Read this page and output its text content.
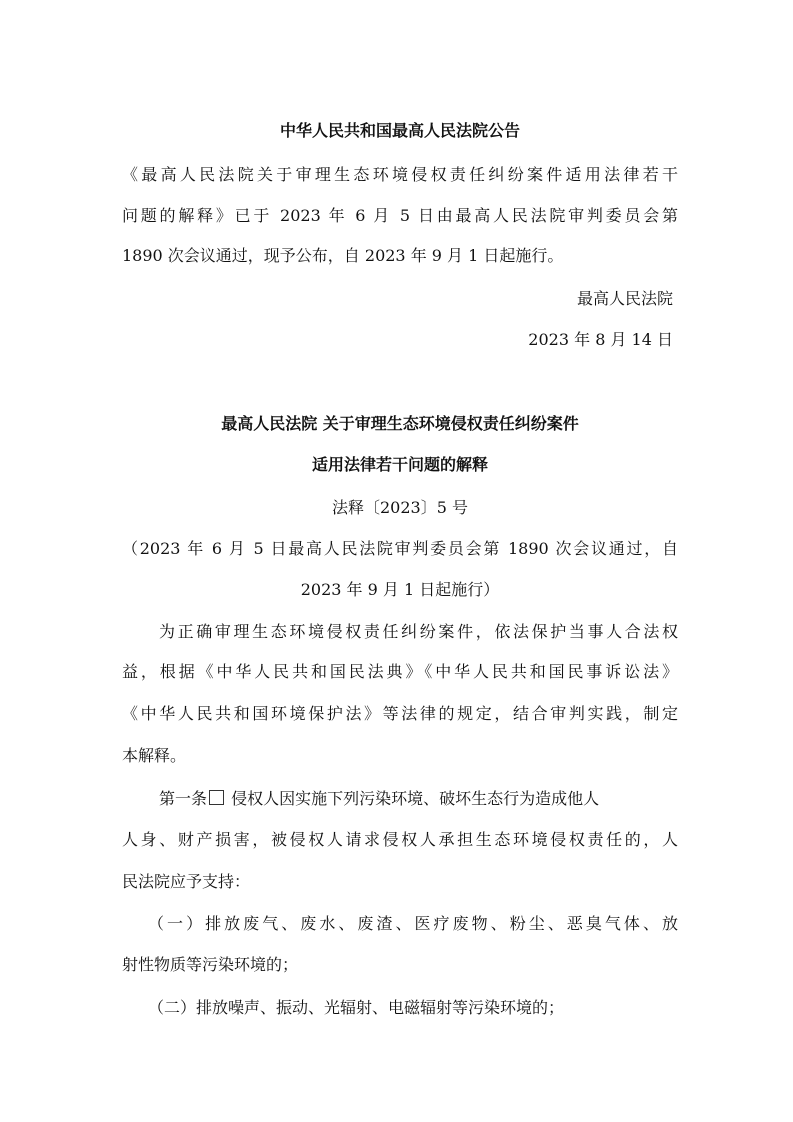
中华人民共和国最高人民法院公告
《最高人民法院关于审理生态环境侵权责任纠纷案件适用法律若干
问题的解释》已于 2023 年 6 月 5 日由最高人民法院审判委员会第
1890 次会议通过，现予公布，自 2023 年 9 月 1 日起施行。
最高人民法院
2023 年 8 月 14 日
最高人民法院 关于审理生态环境侵权责任纠纷案件
适用法律若干问题的解释
法释〔2023〕5 号
（2023 年 6 月 5 日最高人民法院审判委员会第 1890 次会议通过，自
2023 年 9 月 1 日起施行）
为正确审理生态环境侵权责任纠纷案件，依法保护当事人合法权
益，根据《中华人民共和国民法典》《中华人民共和国民事诉讼法》
《中华人民共和国环境保护法》等法律的规定，结合审判实践，制定
本解释。
第一条 侵权人因实施下列污染环境、破坏生态行为造成他人
人身、财产损害，被侵权人请求侵权人承担生态环境侵权责任的，人
民法院应予支持：
（一）排放废气、废水、废渣、医疗废物、粉尘、恶臭气体、放
射性物质等污染环境的；
（二）排放噪声、振动、光辐射、电磁辐射等污染环境的；
